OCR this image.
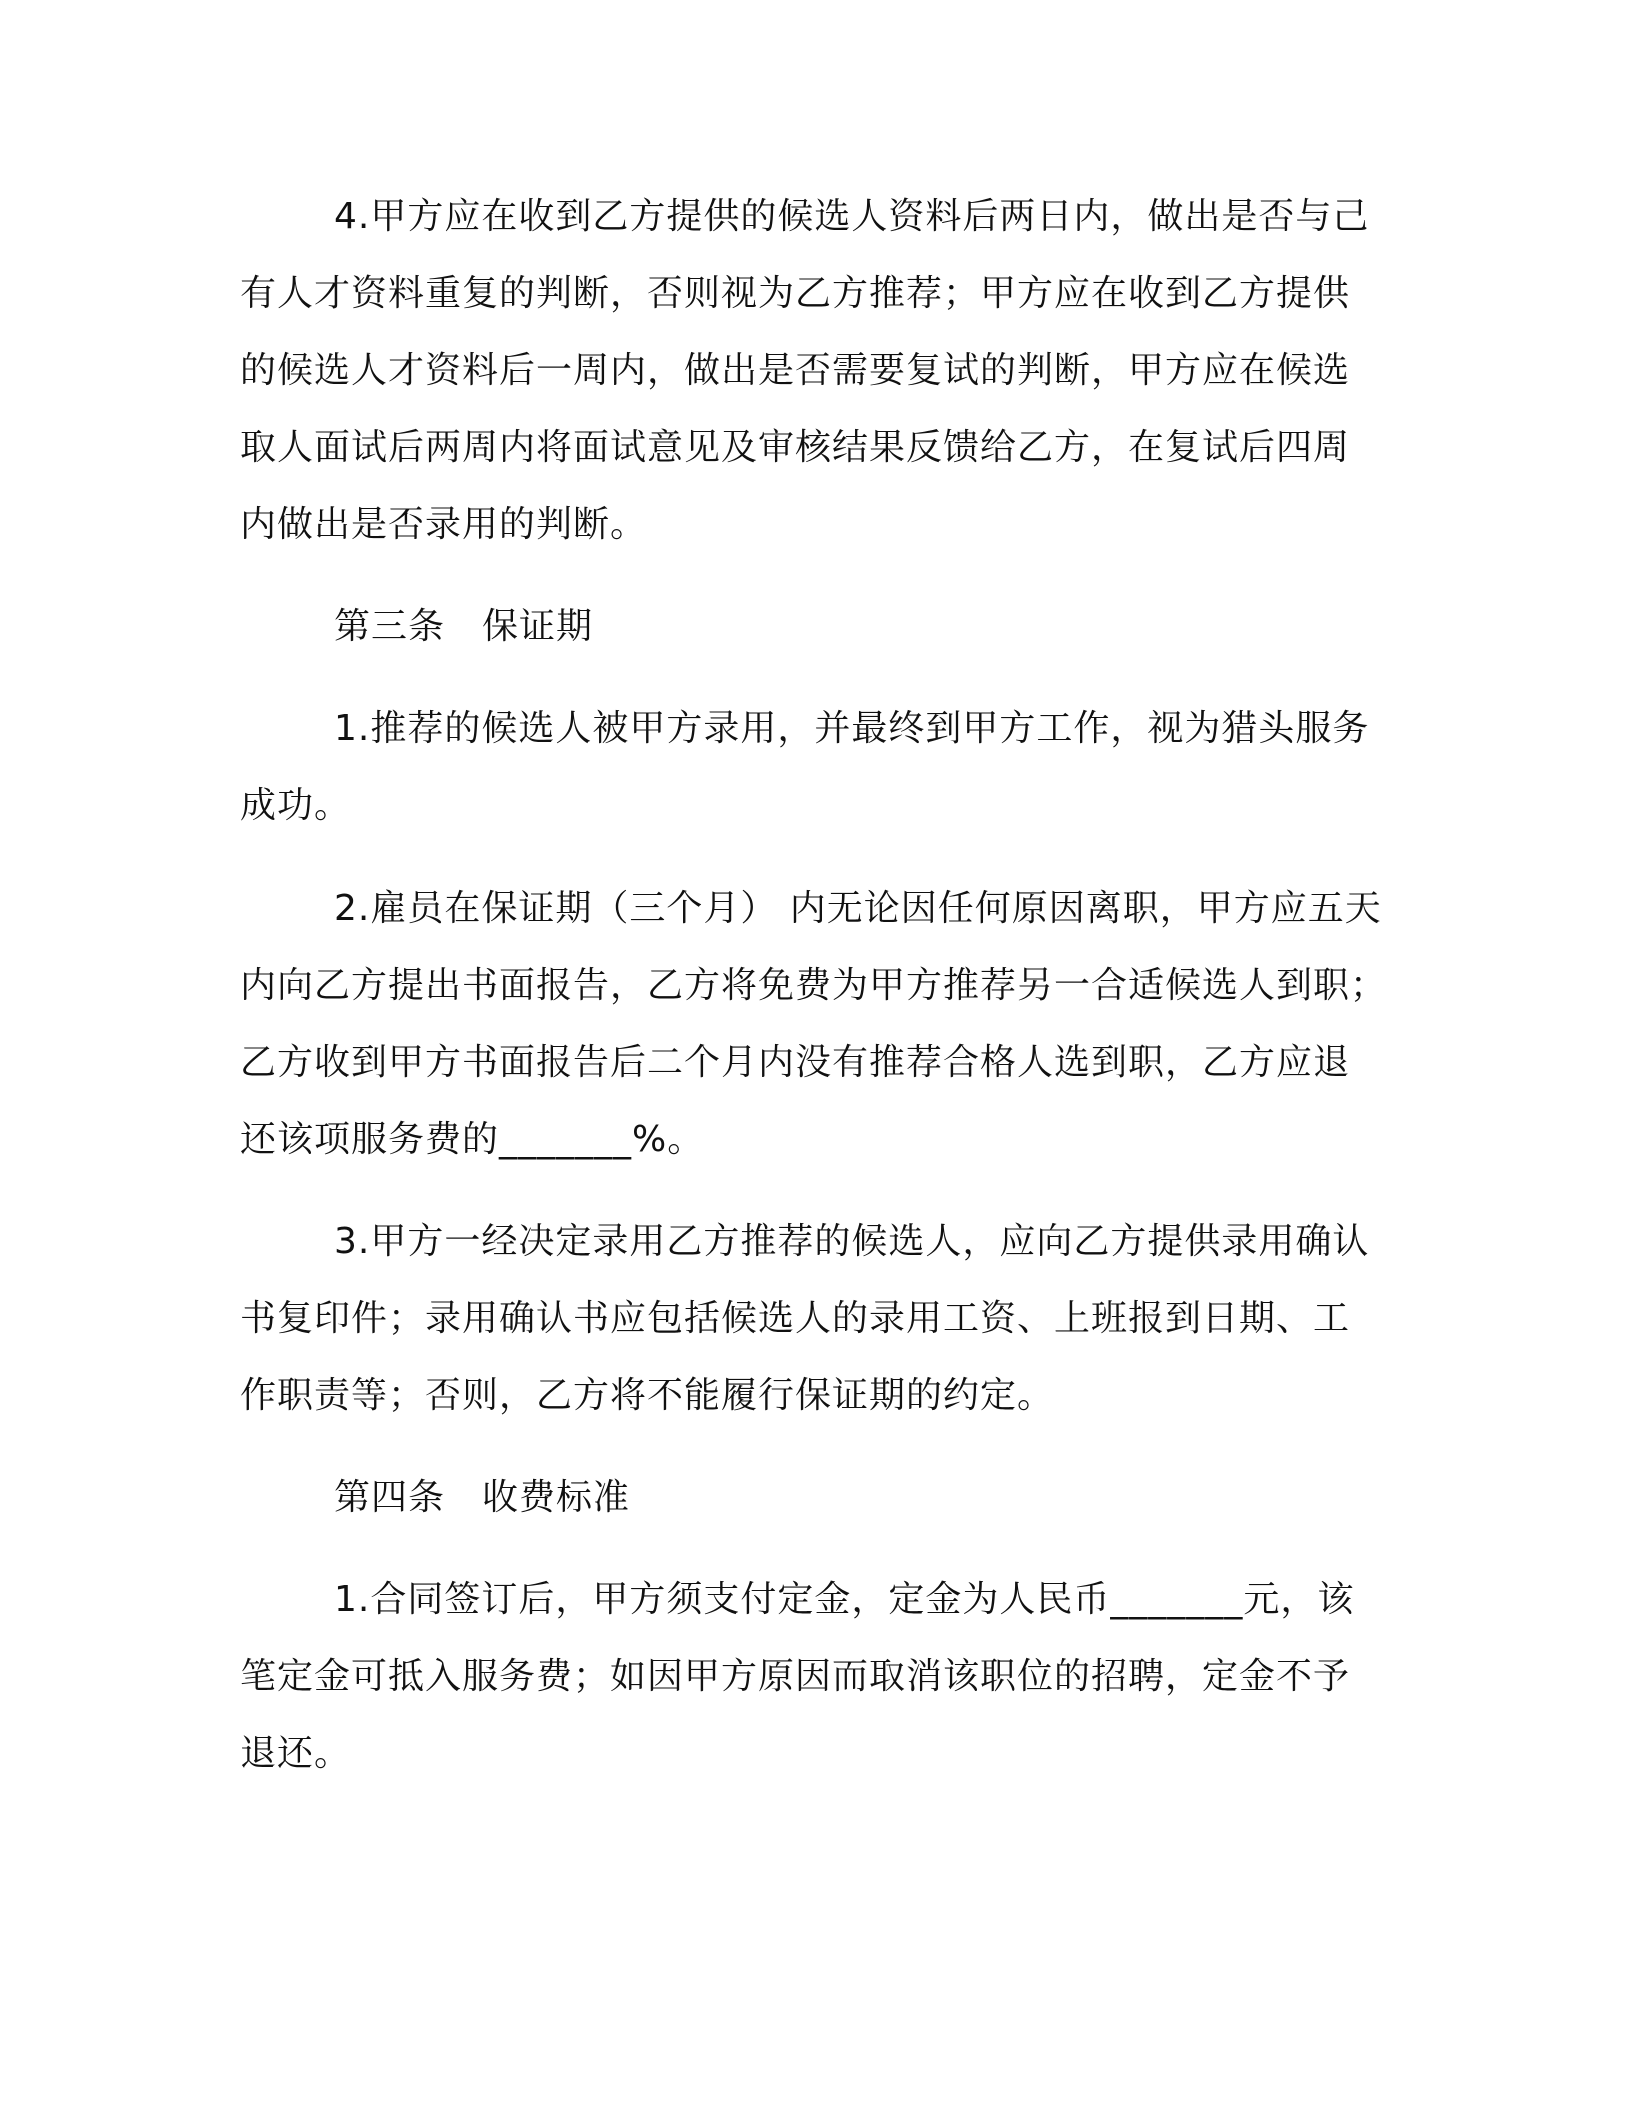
4.甲方应在收到乙方提供的候选人资料后两日内，做出是否与己
有人才资料重复的判断，否则视为乙方推荐；甲方应在收到乙方提供
的候选人才资料后一周内，做出是否需要复试的判断，甲方应在候选
取人面试后两周内将面试意见及审核结果反馈给乙方，在复试后四周
内做出是否录用的判断。
第三条　保证期
1.推荐的候选人被甲方录用，并最终到甲方工作，视为猎头服务
成功。
2.雇员在保证期（三个月） 内无论因任何原因离职，甲方应五天
内向乙方提出书面报告，乙方将免费为甲方推荐另一合适候选人到职；
乙方收到甲方书面报告后二个月内没有推荐合格人选到职，乙方应退
还该项服务费的_______%。
3.甲方一经决定录用乙方推荐的候选人，应向乙方提供录用确认
书复印件；录用确认书应包括候选人的录用工资、上班报到日期、工
作职责等；否则，乙方将不能履行保证期的约定。
第四条　收费标准
1.合同签订后，甲方须支付定金，定金为人民币_______元，该
笔定金可抵入服务费；如因甲方原因而取消该职位的招聘，定金不予
退还。
